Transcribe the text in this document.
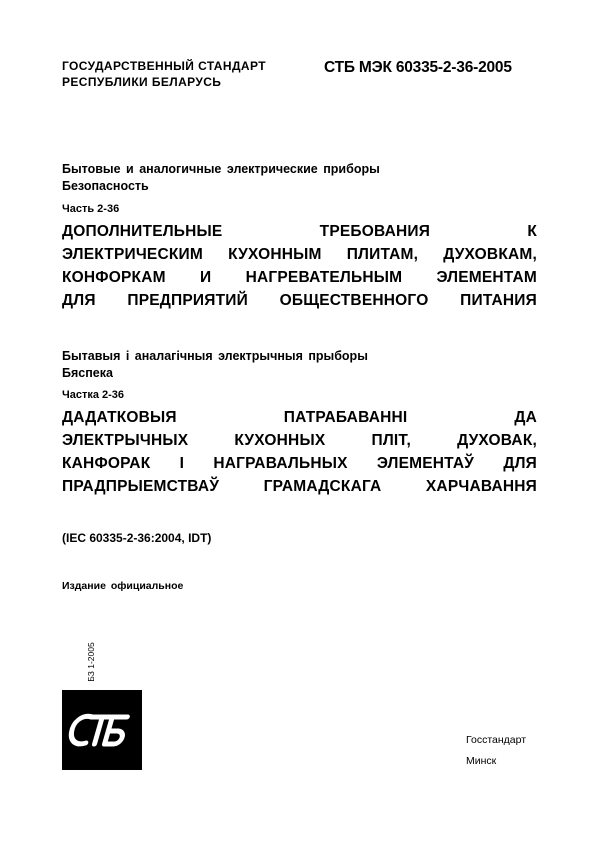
ГОСУДАРСТВЕННЫЙ СТАНДАРТ
РЕСПУБЛИКИ БЕЛАРУСЬ
СТБ МЭК 60335-2-36-2005
Бытовые и аналогичные электрические приборы
Безопасность
Часть 2-36
ДОПОЛНИТЕЛЬНЫЕ ТРЕБОВАНИЯ К
ЭЛЕКТРИЧЕСКИМ КУХОННЫМ ПЛИТАМ, ДУХОВКАМ,
КОНФОРКАМ И НАГРЕВАТЕЛЬНЫМ ЭЛЕМЕНТАМ
ДЛЯ ПРЕДПРИЯТИЙ ОБЩЕСТВЕННОГО ПИТАНИЯ
Бытавыя і аналагічныя электрычныя прыборы
Бяспека
Частка 2-36
ДАДАТКОВЫЯ ПАТРАБАВАННІ ДА
ЭЛЕКТРЫЧНЫХ КУХОННЫХ ПЛІТ, ДУХОВАК,
КАНФОРАК І НАГРАВАЛЬНЫХ ЭЛЕМЕНТАЎ ДЛЯ
ПРАДПРЫЕМСТВАЎ ГРАМАДСКАГА ХАРЧАВАННЯ
(IEC 60335-2-36:2004, IDT)
Издание официальное
БЗ 1-2005
Госстандарт
Минск
